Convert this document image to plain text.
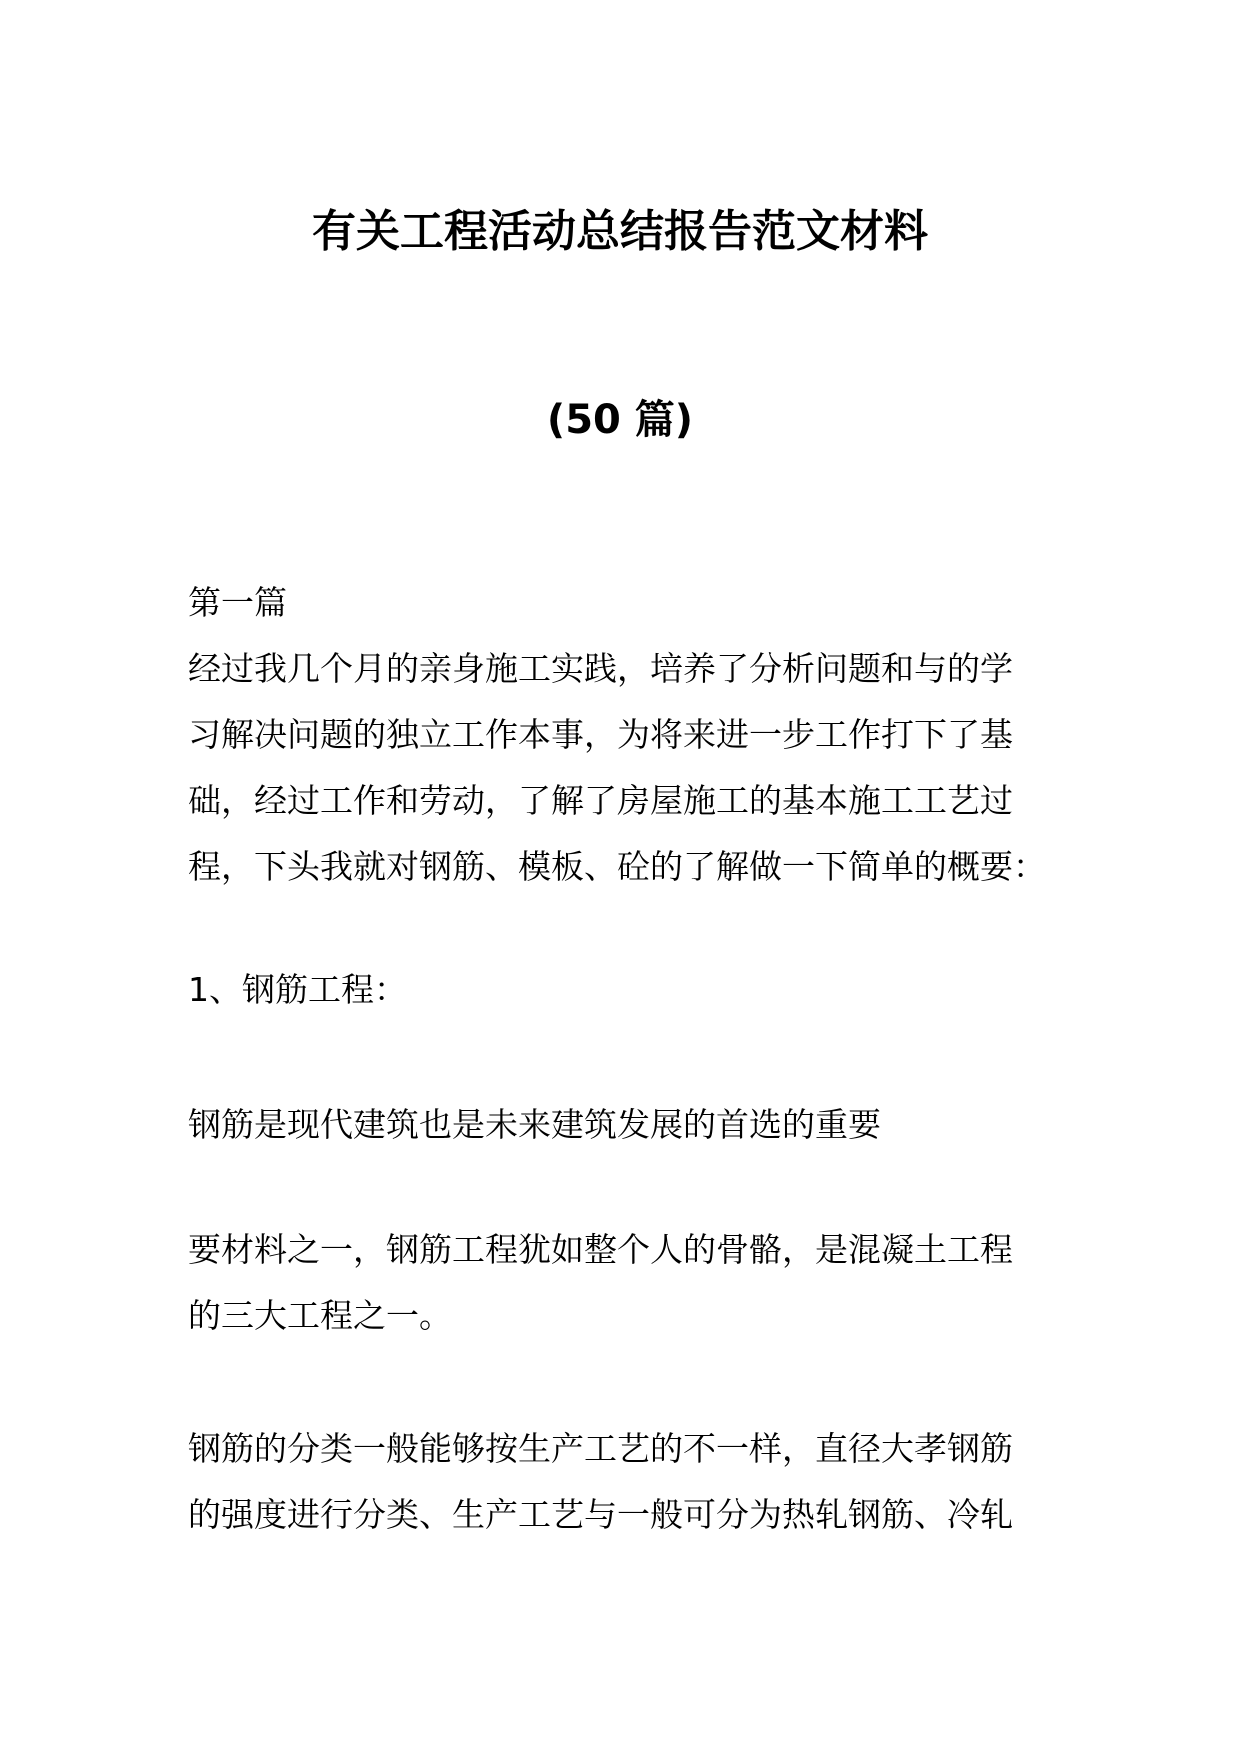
有关工程活动总结报告范文材料
(50 篇)

第一篇

经过我几个月的亲身施工实践，培养了分析问题和与的学

习解决问题的独立工作本事，为将来进一步工作打下了基

础，经过工作和劳动，了解了房屋施工的基本施工工艺过

程，下头我就对钢筋、模板、砼的了解做一下简单的概要：

1、钢筋工程：

钢筋是现代建筑也是未来建筑发展的首选的重要

要材料之一，钢筋工程犹如整个人的骨骼，是混凝土工程

的三大工程之一。

钢筋的分类一般能够按生产工艺的不一样，直径大孝钢筋

的强度进行分类、生产工艺与一般可分为热轧钢筋、冷轧
